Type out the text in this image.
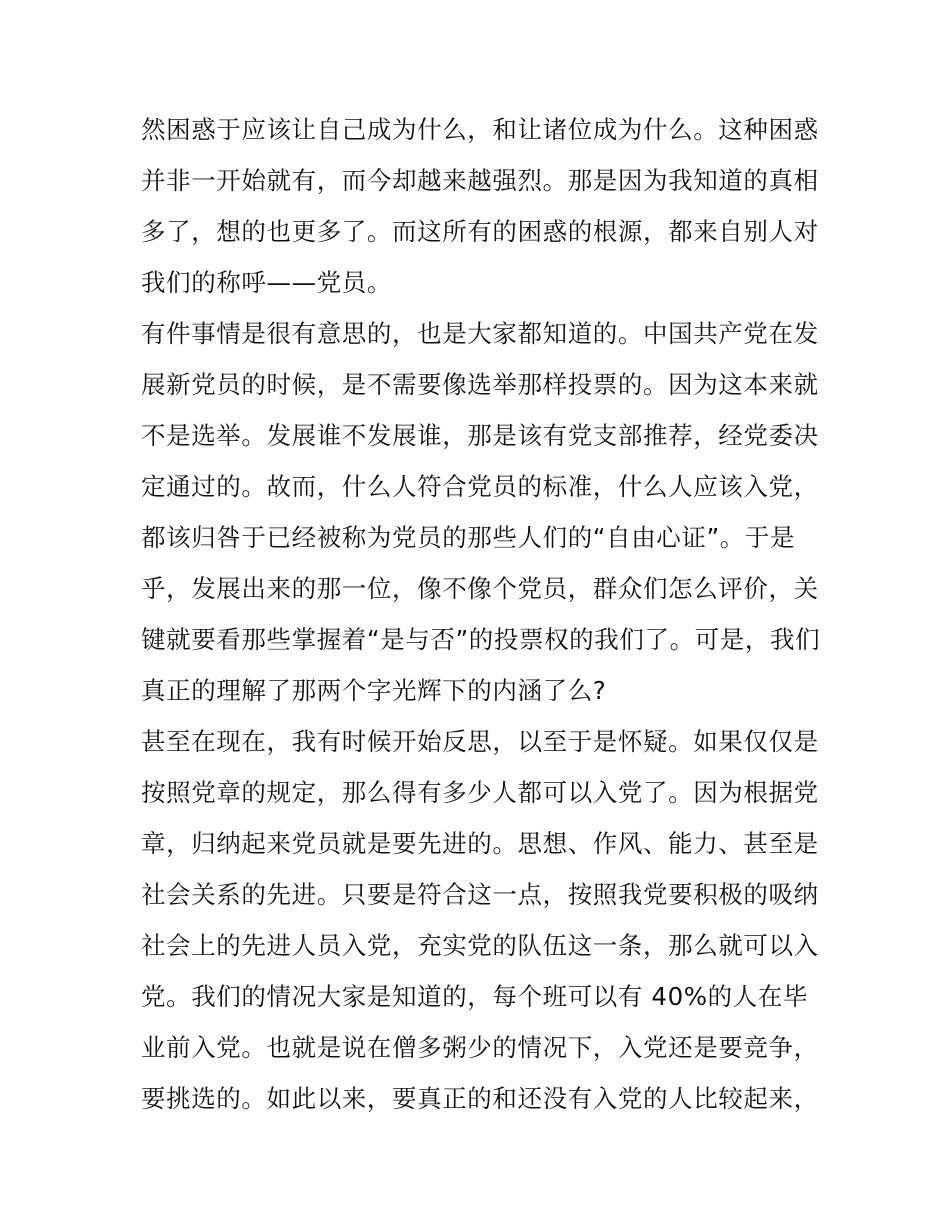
然困惑于应该让自己成为什么，和让诸位成为什么。这种困惑
并非一开始就有，而今却越来越强烈。那是因为我知道的真相
多了，想的也更多了。而这所有的困惑的根源，都来自别人对
我们的称呼——党员。
有件事情是很有意思的，也是大家都知道的。中国共产党在发
展新党员的时候，是不需要像选举那样投票的。因为这本来就
不是选举。发展谁不发展谁，那是该有党支部推荐，经党委决
定通过的。故而，什么人符合党员的标准，什么人应该入党，
都该归咎于已经被称为党员的那些人们的“自由心证”。于是
乎，发展出来的那一位，像不像个党员，群众们怎么评价，关
键就要看那些掌握着“是与否”的投票权的我们了。可是，我们
真正的理解了那两个字光辉下的内涵了么?
甚至在现在，我有时候开始反思，以至于是怀疑。如果仅仅是
按照党章的规定，那么得有多少人都可以入党了。因为根据党
章，归纳起来党员就是要先进的。思想、作风、能力、甚至是
社会关系的先进。只要是符合这一点，按照我党要积极的吸纳
社会上的先进人员入党，充实党的队伍这一条，那么就可以入
党。我们的情况大家是知道的，每个班可以有 40%的人在毕
业前入党。也就是说在僧多粥少的情况下，入党还是要竞争，
要挑选的。如此以来，要真正的和还没有入党的人比较起来，
